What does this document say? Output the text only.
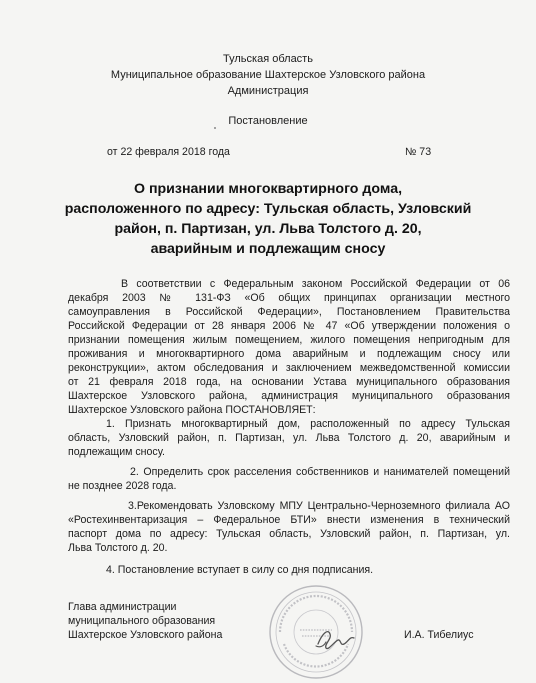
Тульская область
Муниципальное образование Шахтерское Узловского района
Администрация
Постановление
от 22 февраля 2018 года	№ 73
О признании многоквартирного дома,
расположенного по адресу: Тульская область, Узловский
район, п. Партизан, ул. Льва Толстого д. 20,
аварийным и подлежащим сносу
В соответствии с Федеральным законом Российской Федерации от 06
декабря 2003 № 131-ФЗ «Об общих принципах организации местного
самоуправления в Российской Федерации», Постановлением Правительства
Российской Федерации от 28 января 2006 № 47 «Об утверждении положения о
признании помещения жилым помещением, жилого помещения непригодным для
проживания и многоквартирного дома аварийным и подлежащим сносу или
реконструкции», актом обследования и заключением межведомственной комиссии
от 21 февраля 2018 года, на основании Устава муниципального образования
Шахтерское Узловского района, администрация муниципального образования
Шахтерское Узловского района ПОСТАНОВЛЯЕТ:
1. Признать многоквартирный дом, расположенный по адресу Тульская
область, Узловский район, п. Партизан, ул. Льва Толстого д. 20, аварийным и
подлежащим сносу.
2. Определить срок расселения собственников и нанимателей помещений
не позднее 2028 года.
3.Рекомендовать Узловскому МПУ Центрально-Черноземного филиала АО
«Ростехинвентаризация – Федеральное БТИ» внести изменения в технический
паспорт дома по адресу: Тульская область, Узловский район, п. Партизан, ул.
Льва Толстого д. 20.
4. Постановление вступает в силу со дня подписания.
Глава администрации
муниципального образования
Шахтерское Узловского района	И.А. Тибелиус
